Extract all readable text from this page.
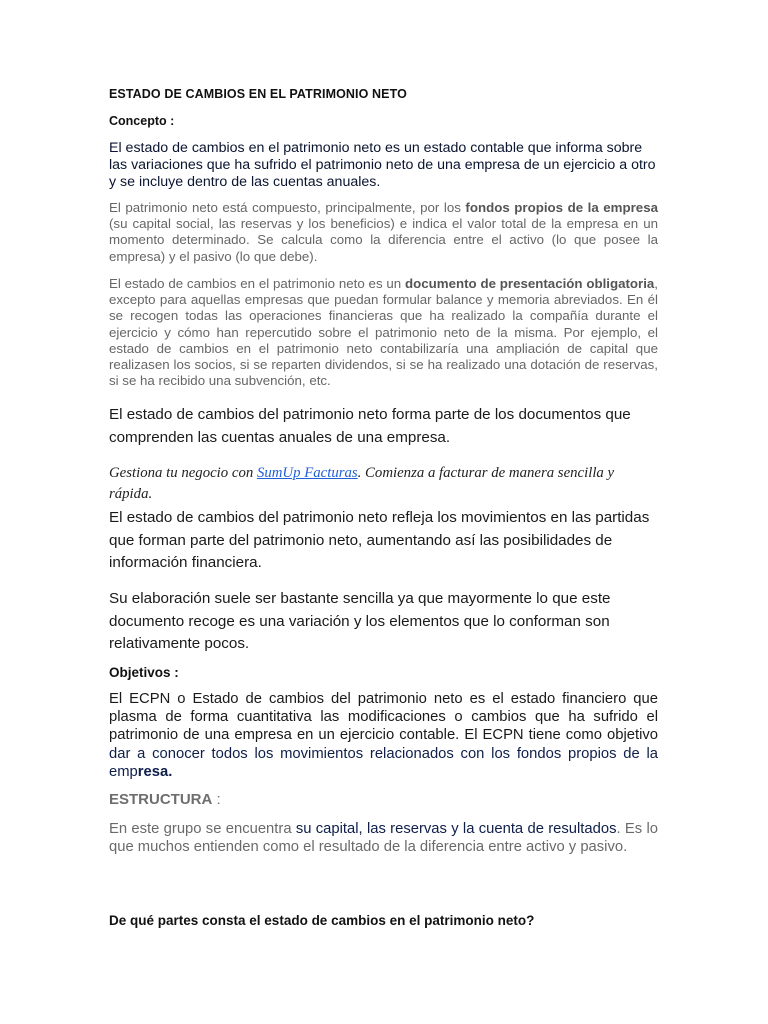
ESTADO DE CAMBIOS EN EL PATRIMONIO NETO
Concepto :

El estado de cambios en el patrimonio neto es un estado contable que informa sobre las variaciones que ha sufrido el patrimonio neto de una empresa de un ejercicio a otro y se incluye dentro de las cuentas anuales.

El patrimonio neto está compuesto, principalmente, por los fondos propios de la empresa (su capital social, las reservas y los beneficios) e indica el valor total de la empresa en un momento determinado. Se calcula como la diferencia entre el activo (lo que posee la empresa) y el pasivo (lo que debe).

El estado de cambios en el patrimonio neto es un documento de presentación obligatoria, excepto para aquellas empresas que puedan formular balance y memoria abreviados. En él se recogen todas las operaciones financieras que ha realizado la compañía durante el ejercicio y cómo han repercutido sobre el patrimonio neto de la misma. Por ejemplo, el estado de cambios en el patrimonio neto contabilizaría una ampliación de capital que realizasen los socios, si se reparten dividendos, si se ha realizado una dotación de reservas, si se ha recibido una subvención, etc.

El estado de cambios del patrimonio neto forma parte de los documentos que comprenden las cuentas anuales de una empresa.

Gestiona tu negocio con SumUp Facturas. Comienza a facturar de manera sencilla y rápida.

El estado de cambios del patrimonio neto refleja los movimientos en las partidas que forman parte del patrimonio neto, aumentando así las posibilidades de información financiera.

Su elaboración suele ser bastante sencilla ya que mayormente lo que este documento recoge es una variación y los elementos que lo conforman son relativamente pocos.

Objetivos :

El ECPN o Estado de cambios del patrimonio neto es el estado financiero que plasma de forma cuantitativa las modificaciones o cambios que ha sufrido el patrimonio de una empresa en un ejercicio contable. El ECPN tiene como objetivo dar a conocer todos los movimientos relacionados con los fondos propios de la empresa.

ESTRUCTURA :

En este grupo se encuentra su capital, las reservas y la cuenta de resultados. Es lo que muchos entienden como el resultado de la diferencia entre activo y pasivo.

De qué partes consta el estado de cambios en el patrimonio neto?
